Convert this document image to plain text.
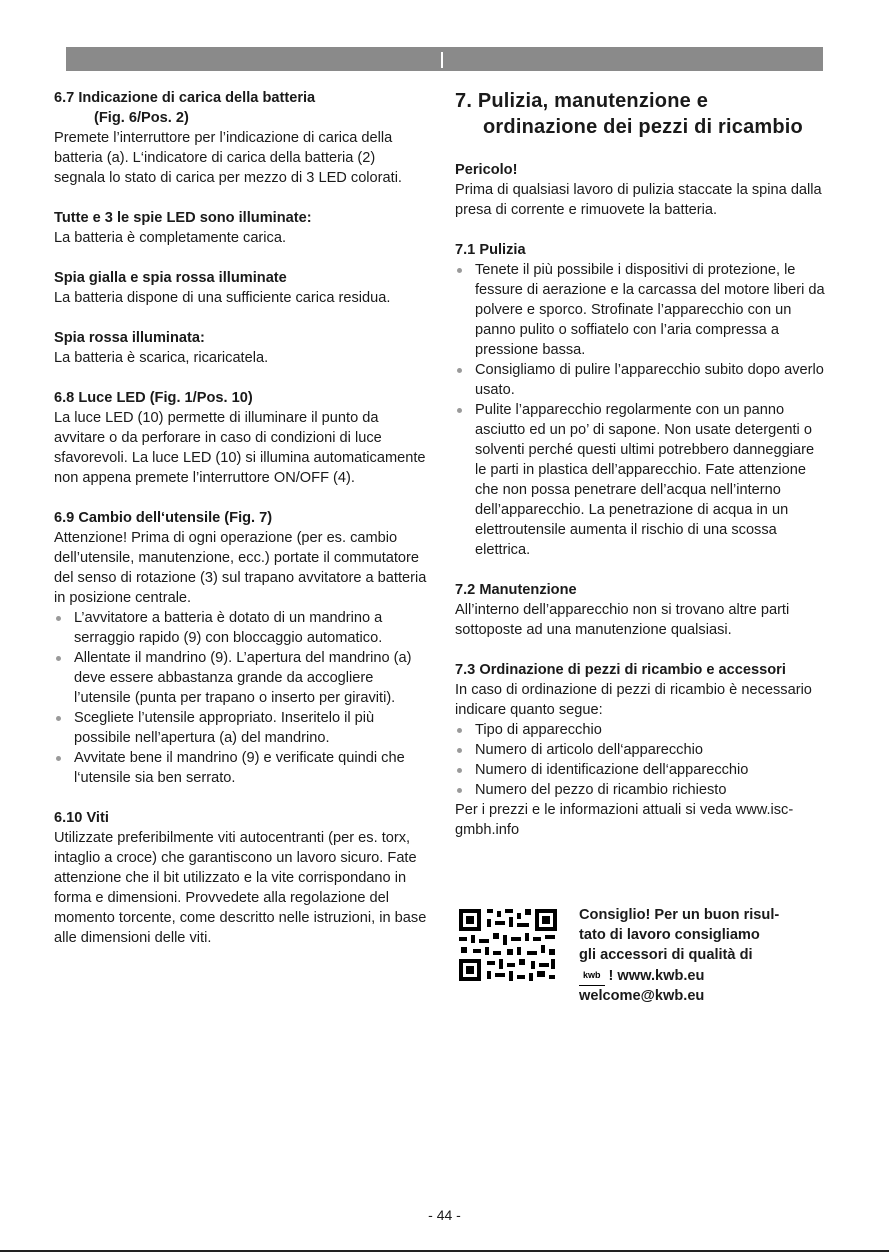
6.7 Indicazione di carica della batteria
(Fig. 6/Pos. 2)

Premete l’interruttore per l’indicazione di carica della batteria (a). L‘indicatore di carica della batteria (2) segnala lo stato di carica per mezzo di 3 LED colorati.

Tutte e 3 le spie LED sono illuminate:

La batteria è completamente carica.

Spia gialla e spia rossa illuminate

La batteria dispone di una sufficiente carica residua.

Spia rossa illuminata:

La batteria è scarica, ricaricatela.

6.8 Luce LED (Fig. 1/Pos. 10)

La luce LED (10) permette di illuminare il punto da avvitare o da perforare in caso di condizioni di luce sfavorevoli. La luce LED (10) si illumina automaticamente non appena premete l’interruttore ON/OFF (4).

6.9 Cambio dell‘utensile (Fig. 7)

Attenzione! Prima di ogni operazione (per es. cambio dell’utensile, manutenzione, ecc.) portate il commutatore del senso di rotazione (3) sul trapano avvitatore a batteria in posizione centrale.

L’avvitatore a batteria è dotato di un mandrino a serraggio rapido (9) con bloccaggio automatico.
Allentate il mandrino (9). L’apertura del mandrino (a) deve essere abbastanza grande da accogliere l’utensile (punta per trapano o inserto per giraviti).
Scegliete l’utensile appropriato. Inseritelo il più possibile nell’apertura (a) del mandrino.
Avvitate bene il mandrino (9) e verificate quindi che l‘utensile sia ben serrato.
6.10 Viti

Utilizzate preferibilmente viti autocentranti (per es. torx, intaglio a croce) che garantiscono un lavoro sicuro. Fate attenzione che il bit utilizzato e la vite corrispondano in forma e dimensioni. Provvedete alla regolazione del momento torcente, come descritto nelle istruzioni, in base alle dimensioni delle viti.

7. Pulizia, manutenzione e
ordinazione dei pezzi di ricambio
Pericolo!

Prima di qualsiasi lavoro di pulizia staccate la spina dalla presa di corrente e rimuovete la batteria.

7.1 Pulizia
Tenete il più possibile i dispositivi di protezione, le fessure di aerazione e la carcassa del motore liberi da polvere e sporco. Strofinate l’apparecchio con un panno pulito o soffiatelo con l’aria compressa a pressione bassa.
Consigliamo di pulire l’apparecchio subito dopo averlo usato.
Pulite l’apparecchio regolarmente con un panno asciutto ed un po’ di sapone. Non usate detergenti o solventi perché questi ultimi potrebbero danneggiare le parti in plastica dell’apparecchio. Fate attenzione che non possa penetrare dell’acqua nell’interno dell’apparecchio. La penetrazione di acqua in un elettroutensile aumenta il rischio di una scossa elettrica.
7.2 Manutenzione

All’interno dell’apparecchio non si trovano altre parti sottoposte ad una manutenzione qualsiasi.

7.3 Ordinazione di pezzi di ricambio e accessori

In caso di ordinazione di pezzi di ricambio è necessario indicare quanto segue:

Tipo di apparecchio
Numero di articolo dell‘apparecchio
Numero di identificazione dell‘apparecchio
Numero del pezzo di ricambio richiesto

Per i prezzi e le informazioni attuali si veda www.isc-gmbh.info

Consiglio! Per un buon risul-
tato di lavoro consigliamo
gli accessori di qualità di
kwb ! www.kwb.eu
welcome@kwb.eu
- 44 -
